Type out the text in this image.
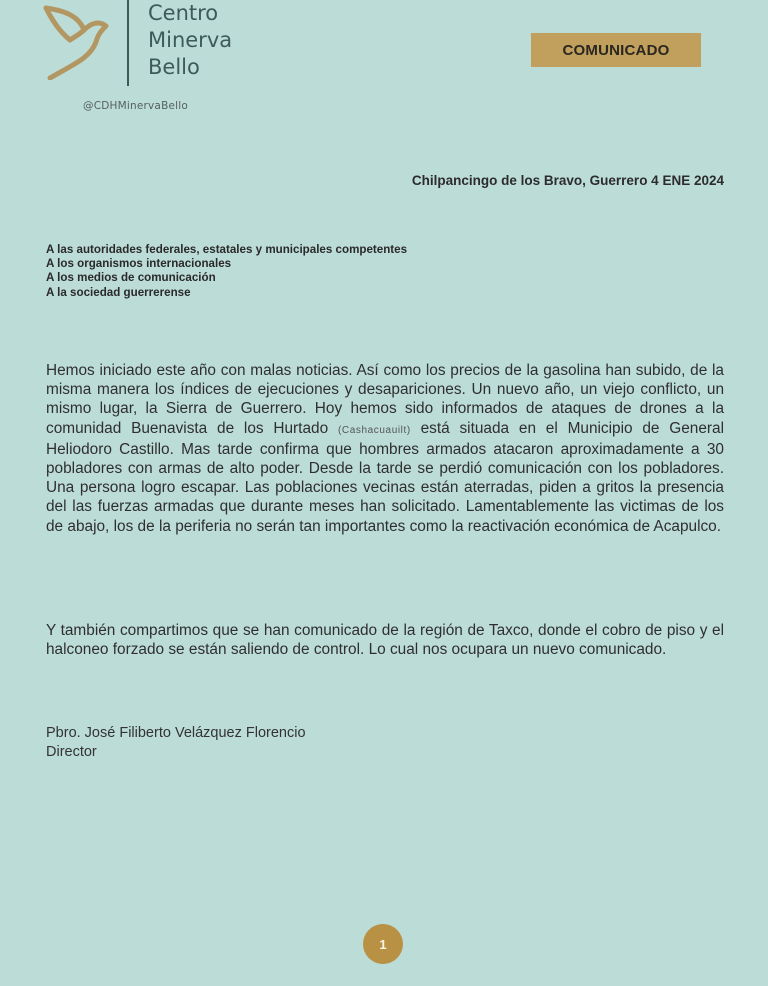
Centro
Minerva
Bello
@CDHMinervaBello
COMUNICADO
Chilpancingo de los Bravo, Guerrero 4 ENE 2024
A las autoridades federales, estatales y municipales competentes
A los organismos internacionales
A los medios de comunicación
A la sociedad guerrerense
Hemos iniciado este año con malas noticias. Así como los precios de la gasolina han subido, de la misma manera los índices de ejecuciones y desapariciones. Un nuevo año, un viejo conflicto, un mismo lugar, la Sierra de Guerrero. Hoy hemos sido informados de ataques de drones a la comunidad Buenavista de los Hurtado (Cashacuauilt) está situada en el Municipio de General Heliodoro Castillo. Mas tarde confirma que hombres armados atacaron aproximadamente a 30 pobladores con armas de alto poder. Desde la tarde se perdió comunicación con los pobladores. Una persona logro escapar. Las poblaciones vecinas están aterradas, piden a gritos la presencia del las fuerzas armadas que durante meses han solicitado. Lamentablemente las victimas de los de abajo, los de la periferia no serán tan importantes como la reactivación económica de Acapulco.
Y también compartimos que se han comunicado de la región de Taxco, donde el cobro de piso y el halconeo forzado se están saliendo de control. Lo cual nos ocupara un nuevo comunicado.
Pbro. José Filiberto Velázquez Florencio
Director
1
